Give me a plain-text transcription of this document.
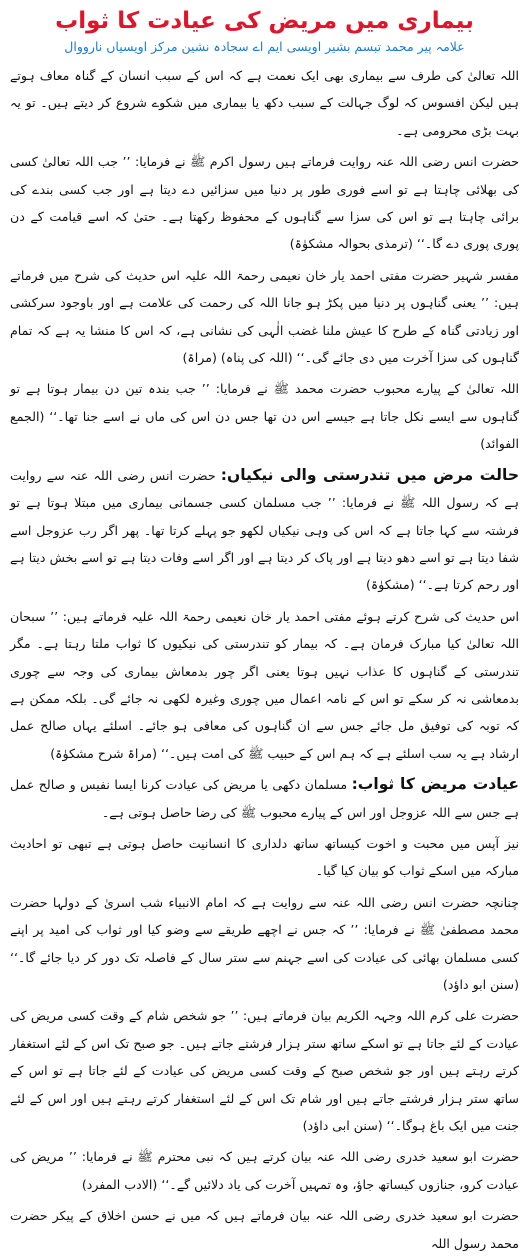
بیماری میں مریض کی عیادت کا ثواب
علامہ پیر محمد تبسم بشیر اویسی ایم اے سجادہ نشین مرکز اویسیاں نارووال

اللہ تعالیٰ کی طرف سے بیماری بھی ایک نعمت ہے کہ اس کے سبب انسان کے گناہ معاف ہوتے ہیں لیکن افسوس کہ لوگ جہالت کے سبب دکھ یا بیماری میں شکوے شروع کر دیتے ہیں۔ تو یہ بہت بڑی محرومی ہے۔

حضرت انس رضی اللہ عنہ روایت فرماتے ہیں رسول اکرم ﷺ نے فرمایا: ’’ جب اللہ تعالیٰ کسی کی بھلائی چاہتا ہے تو اسے فوری طور پر دنیا میں سزائیں دے دیتا ہے اور جب کسی بندے کی برائی چاہتا ہے تو اس کی سزا سے گناہوں کے محفوظ رکھتا ہے۔ حتیٰ کہ اسے قیامت کے دن پوری پوری دے گا۔‘‘ (ترمذی بحوالہ مشکوٰۃ)

مفسر شہیر حضرت مفتی احمد یار خان نعیمی رحمۃ اللہ علیہ اس حدیث کی شرح میں فرماتے ہیں: ’’ یعنی گناہوں پر دنیا میں پکڑ ہو جانا اللہ کی رحمت کی علامت ہے اور باوجود سرکشی اور زیادتی گناہ کے طرح کا عیش ملنا غضب الٰہی کی نشانی ہے، کہ اس کا منشا یہ ہے کہ تمام گناہوں کی سزا آخرت میں دی جائے گی۔‘‘ (اللہ کی پناہ) (مراۃ)

اللہ تعالیٰ کے پیارے محبوب حضرت محمد ﷺ نے فرمایا: ’’ جب بندہ تین دن بیمار ہوتا ہے تو گناہوں سے ایسے نکل جاتا ہے جیسے اس دن تھا جس دن اس کی ماں نے اسے جنا تھا۔‘‘ (الجمع الفوائد)

حالت مرض میں تندرستی والی نیکیاں: حضرت انس رضی اللہ عنہ سے روایت ہے کہ رسول اللہ ﷺ نے فرمایا: ’’ جب مسلمان کسی جسمانی بیماری میں مبتلا ہوتا ہے تو فرشتہ سے کہا جاتا ہے کہ اس کی وہی نیکیاں لکھو جو پہلے کرتا تھا۔ پھر اگر رب عزوجل اسے شفا دیتا ہے تو اسے دھو دیتا ہے اور پاک کر دیتا ہے اور اگر اسے وفات دیتا ہے تو اسے بخش دیتا ہے اور رحم کرتا ہے۔‘‘ (مشکوٰۃ)

اس حدیث کی شرح کرتے ہوئے مفتی احمد یار خان نعیمی رحمۃ اللہ علیہ فرماتے ہیں: ’’ سبحان اللہ تعالیٰ کیا مبارک فرمان ہے۔ کہ بیمار کو تندرستی کی نیکیوں کا ثواب ملتا رہتا ہے۔ مگر تندرستی کے گناہوں کا عذاب نہیں ہوتا یعنی اگر چور بدمعاش بیماری کی وجہ سے چوری بدمعاشی نہ کر سکے تو اس کے نامہ اعمال میں چوری وغیرہ لکھی نہ جائے گی۔ بلکہ ممکن ہے کہ توبہ کی توفیق مل جائے جس سے ان گناہوں کی معافی ہو جائے۔ اسلئے یہاں صالح عمل ارشاد ہے یہ سب اسلئے ہے کہ ہم اس کے حبیب ﷺ کی امت ہیں۔‘‘ (مراۃ شرح مشکوٰۃ)

عیادت مریض کا ثواب: مسلمان دکھی یا مریض کی عیادت کرنا ایسا نفیس و صالح عمل ہے جس سے اللہ عزوجل اور اس کے پیارے محبوب ﷺ کی رضا حاصل ہوتی ہے۔

نیز آپس میں محبت و اخوت کیساتھ ساتھ دلداری کا انسانیت حاصل ہوتی ہے تبھی تو احادیث مبارکہ میں اسکے ثواب کو بیان کیا گیا۔

چنانچہ حضرت انس رضی اللہ عنہ سے روایت ہے کہ امام الانبیاء شب اسریٰ کے دولہا حضرت محمد مصطفیٰ ﷺ نے فرمایا: ’’ کہ جس نے اچھے طریقے سے وضو کیا اور ثواب کی امید پر اپنے کسی مسلمان بھائی کی عیادت کی اسے جہنم سے ستر سال کے فاصلہ تک دور کر دیا جائے گا۔‘‘ (سنن ابو داؤد)

حضرت علی کرم اللہ وجہہ الکریم بیان فرماتے ہیں: ’’ جو شخص شام کے وقت کسی مریض کی عیادت کے لئے جاتا ہے تو اسکے ساتھ ستر ہزار فرشتے جاتے ہیں۔ جو صبح تک اس کے لئے استغفار کرتے رہتے ہیں اور جو شخص صبح کے وقت کسی مریض کی عیادت کے لئے جاتا ہے تو اس کے ساتھ ستر ہزار فرشتے جاتے ہیں اور شام تک اس کے لئے استغفار کرتے رہتے ہیں اور اس کے لئے جنت میں ایک باغ ہوگا۔‘‘ (سنن ابی داؤد)

حضرت ابو سعید خدری رضی اللہ عنہ بیان کرتے ہیں کہ نبی محترم ﷺ نے فرمایا: ’’ مریض کی عیادت کرو، جنازوں کیساتھ جاؤ، وہ تمہیں آخرت کی یاد دلائیں گے۔‘‘ (الادب المفرد)

حضرت ابو سعید خدری رضی اللہ عنہ بیان فرماتے ہیں کہ میں نے حسن اخلاق کے پیکر حضرت محمد رسول اللہ
